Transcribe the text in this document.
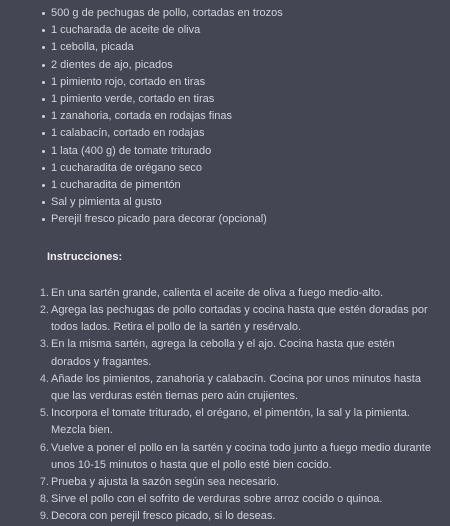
500 g de pechugas de pollo, cortadas en trozos
1 cucharada de aceite de oliva
1 cebolla, picada
2 dientes de ajo, picados
1 pimiento rojo, cortado en tiras
1 pimiento verde, cortado en tiras
1 zanahoria, cortada en rodajas finas
1 calabacín, cortado en rodajas
1 lata (400 g) de tomate triturado
1 cucharadita de orégano seco
1 cucharadita de pimentón
Sal y pimienta al gusto
Perejil fresco picado para decorar (opcional)
Instrucciones:
1. En una sartén grande, calienta el aceite de oliva a fuego medio-alto.
2. Agrega las pechugas de pollo cortadas y cocina hasta que estén doradas por todos lados. Retira el pollo de la sartén y resérvalo.
3. En la misma sartén, agrega la cebolla y el ajo. Cocina hasta que estén dorados y fragantes.
4. Añade los pimientos, zanahoria y calabacín. Cocina por unos minutos hasta que las verduras estén tiernas pero aún crujientes.
5. Incorpora el tomate triturado, el orégano, el pimentón, la sal y la pimienta. Mezcla bien.
6. Vuelve a poner el pollo en la sartén y cocina todo junto a fuego medio durante unos 10-15 minutos o hasta que el pollo esté bien cocido.
7. Prueba y ajusta la sazón según sea necesario.
8. Sirve el pollo con el sofrito de verduras sobre arroz cocido o quinoa.
9. Decora con perejil fresco picado, si lo deseas.
